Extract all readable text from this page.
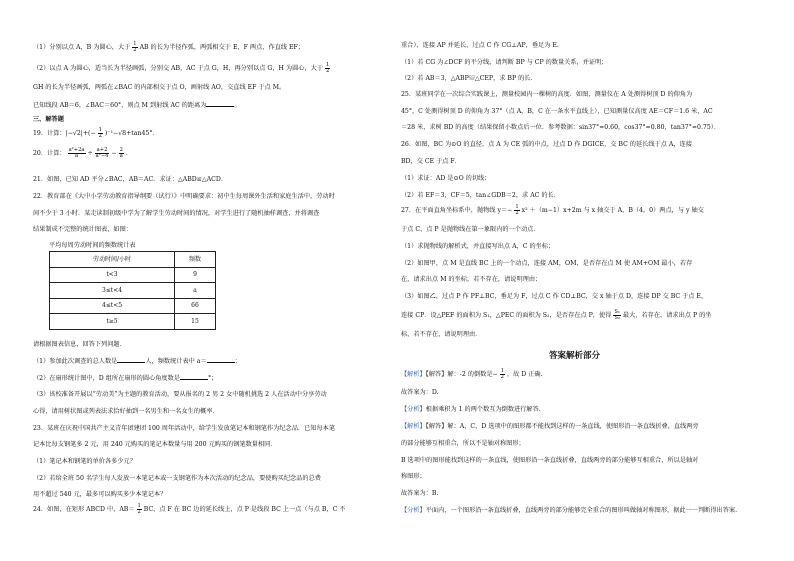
（1）分别以点 A，B 为圆心，大于 $\frac{1}{2}$ AB 的长为半径作弧，两弧相交于 E，F 两点，作直线 EF；
（2）以点 A 为圆心，适当长为半径画弧，分别交 AB，AC 于点 G，H，再分别以点 G，H 为圆心，大于 $\frac{1}{2}$
GH 的长为半径画弧，两弧在∠BAC 的内部相交于点 O，画射线 AO，交直线 EF 于点 M。
已知线段 AB＝6，∠BAC＝60°，则点 M 到射线 AC 的距离为	。
三、解答题
19．计算：$|-√2|+(- \frac{1}{2} )^{-1}-√8+\tan 45^\circ$．
20．计算： $\frac{\text{a²+2a}}{a} \div \frac{a+2}{\text{a²−4}} - \frac{2}{a}$ ．
21．如图，已知 AD 平分∠BAC，AB＝AC．求证：△ABD≌△ACD．
22．教育部在《大中小学劳动教育指导纲要（试行）》中明确要求：初中生每周课外生活和家庭生活中，劳动时
间不少于 3 小时．某走读制初级中学为了解学生劳动时间的情况，对学生进行了随机抽样调查，并将调查
结果制成不完整的统计图表，如图：
平均每周劳动时间的频数统计表
劳动时间/小时	频数
t<3	9
3≤t<4	a
4≤t<5	66
t≥5	15
请根据图表信息，回答下列问题．
（1）参加此次调查的总人数是	人，频数统计表中 a＝	；
（2）在扇形统计图中，D 组所在扇形的圆心角度数是	°；
（3）该校准备开展以“劳动美”为主题的教育活动，要从报名的 2 男 2 女中随机挑选 2 人在活动中分享劳动
心得，请用树状图或列表法求恰好抽到一名男生和一名女生的概率．
23．某班在庆祝中国共产主义青年团建团 100 周年活动中，给学生发放笔记本和钢笔作为纪念品．已知每本笔
记本比每支钢笔多 2 元，用 240 元购买的笔记本数量与用 200 元购买的钢笔数量相同．
（1）笔记本和钢笔的单价各多少元？
（2）若给全班 50 名学生每人发放一本笔记本或一支钢笔作为本次活动的纪念品，要使购买纪念品的总费
用不超过 540 元，最多可以购买多少本笔记本？
24．如图，在矩形 ABCD 中，$AB= \frac{1}{2}$ BC，点 F 在 BC 边的延长线上，点 P 是线段 BC 上一点（与点 B，C 不
重合），连接 AP 并延长，过点 C 作 CG⊥AP，垂足为 E．
（1）若 CG 为∠DCF 的平分线，请判断 BP 与 CP 的数量关系，并证明；
（2）若 AB＝3，△ABP≌△CEP，求 BP 的长．
25．某班同学在一次综合实践课上，测量校园内一棵树的高度．如图，测量仪在 A 处测得树顶 D 的仰角为
45°，C 处测得树顶 D 的仰角为 37°（点 A，B，C 在一条水平直线上），已知测量仪高度 AE＝CF＝1.6 米，AC
＝28 米，求树 BD 的高度（结果保留小数点后一位．参考数据：sin37°≈0.60，cos37°≈0.80，tan37°≈0.75）．
26．如图，BC 为⊙O 的直径，点 A 为 CE 弧的中点，过点 D 作 DGICE，交 BC 的延长线于点 A，连接
BD，交 CE 于点 F．
（1）求证：AD 是⊙O 的切线；
（2）若 EF＝3，CF＝5，tan∠GDB＝2，求 AC 的长．
27．在平面直角坐标系中，抛物线 $y=- \frac{1}{2} x^2 +(m-1)x+2m$ 与 x 轴交于 A，B（4，0）两点，与 y 轴交
于点 C，点 P 是抛物线在第一象限内的一个动点．
（1）求抛物线的解析式，并直接写出点 A，C 的坐标；
（2）如图甲，点 M 是直线 BC 上的一个动点，连接 AM，OM，是否存在点 M 使 AM+OM 最小，若存
在，请求出点 M 的坐标，若不存在，请说明理由；
（3）如图乙，过点 P 作 PF⊥BC，垂足为 F，过点 C 作 CD⊥BC，交 x 轴于点 D，连接 DP 交 BC 于点 E，
连接 CP．设△PEF 的面积为 S₁，△PEC 的面积为 S₂，是否存在点 P，使得 $\frac{\text{S₁}}{\text{S₂}}$ 最大，若存在，请求出点 P 的坐
标，若不存在，请说明理由．
答案解析部分
【解析】【解答】解：-2 的倒数是− $\frac{1}{2}$ ，故 D 正确.
故答案为：D.
【分析】根据乘积为 1 的两个数互为倒数进行解答.
【解析】【解答】解：A，C，D 选项中的图形都不能找到这样的一条直线，使图形沿一条直线折叠，直线两旁
的部分能够互相重合，所以不是轴对称图形；
B 选项中的图形能找到这样的一条直线，使图形沿一条直线折叠，直线两旁的部分能够互相重合，所以是轴对
称图形；
故答案为：B.
【分析】平面内，一个图形沿一条直线折叠，直线两旁的部分能够完全重合的图形叫做轴对称图形，据此一一判断得出答案.
